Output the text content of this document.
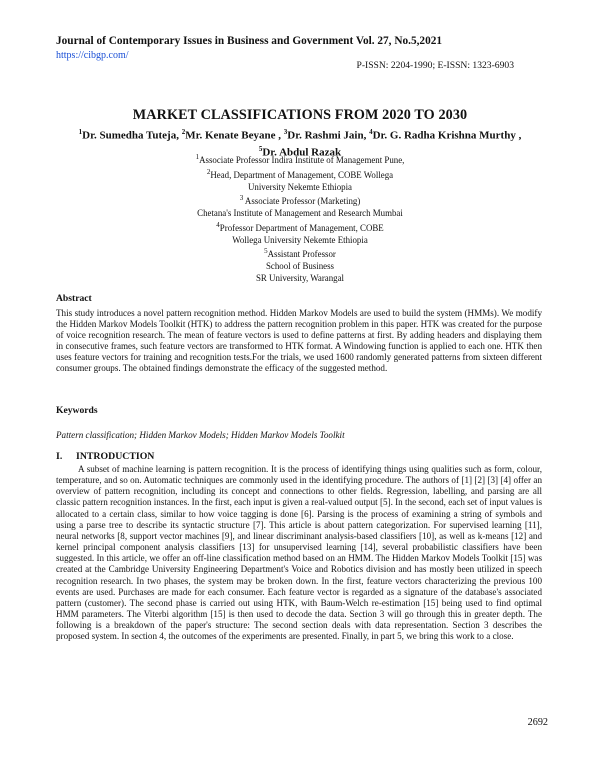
Journal of Contemporary Issues in Business and Government Vol. 27, No.5,2021
https://cibgp.com/
P-ISSN: 2204-1990; E-ISSN: 1323-6903
MARKET CLASSIFICATIONS FROM 2020 TO 2030
$^1$Dr. Sumedha Tuteja, $^2$Mr. Kenate Beyane , $^3$Dr. Rashmi Jain, $^4$Dr. G. Radha Krishna Murthy ,
$^5$Dr. Abdul Razak
$^1$Associate Professor Indira Institute of Management Pune,
$^2$Head, Department of Management, COBE Wollega
University Nekemte Ethiopia
$^3$ Associate Professor (Marketing)
Chetana's Institute of Management and Research Mumbai
$^4$Professor Department of Management, COBE
Wollega University Nekemte Ethiopia
$^5$Assistant Professor
School of Business
SR University, Warangal
Abstract
This study introduces a novel pattern recognition method. Hidden Markov Models are used to build the system (HMMs). We modify the Hidden Markov Models Toolkit (HTK) to address the pattern recognition problem in this paper. HTK was created for the purpose of voice recognition research. The mean of feature vectors is used to define patterns at first. By adding headers and displaying them in consecutive frames, such feature vectors are transformed to HTK format. A Windowing function is applied to each one. HTK then uses feature vectors for training and recognition tests.For the trials, we used 1600 randomly generated patterns from sixteen different consumer groups. The obtained findings demonstrate the efficacy of the suggested method.
Keywords
Pattern classification; Hidden Markov Models; Hidden Markov Models Toolkit
I. INTRODUCTION
A subset of machine learning is pattern recognition. It is the process of identifying things using qualities such as form, colour, temperature, and so on. Automatic techniques are commonly used in the identifying procedure. The authors of [1] [2] [3] [4] offer an overview of pattern recognition, including its concept and connections to other fields. Regression, labelling, and parsing are all classic pattern recognition instances. In the first, each input is given a real-valued output [5]. In the second, each set of input values is allocated to a certain class, similar to how voice tagging is done [6]. Parsing is the process of examining a string of symbols and using a parse tree to describe its syntactic structure [7]. This article is about pattern categorization. For supervised learning [11], neural networks [8, support vector machines [9], and linear discriminant analysis-based classifiers [10], as well as k-means [12] and kernel principal component analysis classifiers [13] for unsupervised learning [14], several probabilistic classifiers have been suggested. In this article, we offer an off-line classification method based on an HMM. The Hidden Markov Models Toolkit [15] was created at the Cambridge University Engineering Department's Voice and Robotics division and has mostly been utilized in speech recognition research. In two phases, the system may be broken down. In the first, feature vectors characterizing the previous 100 events are used. Purchases are made for each consumer. Each feature vector is regarded as a signature of the database's associated pattern (customer). The second phase is carried out using HTK, with Baum-Welch re-estimation [15] being used to find optimal HMM parameters. The Viterbi algorithm [15] is then used to decode the data. Section 3 will go through this in greater depth. The following is a breakdown of the paper's structure: The second section deals with data representation. Section 3 describes the proposed system. In section 4, the outcomes of the experiments are presented. Finally, in part 5, we bring this work to a close.
2692
